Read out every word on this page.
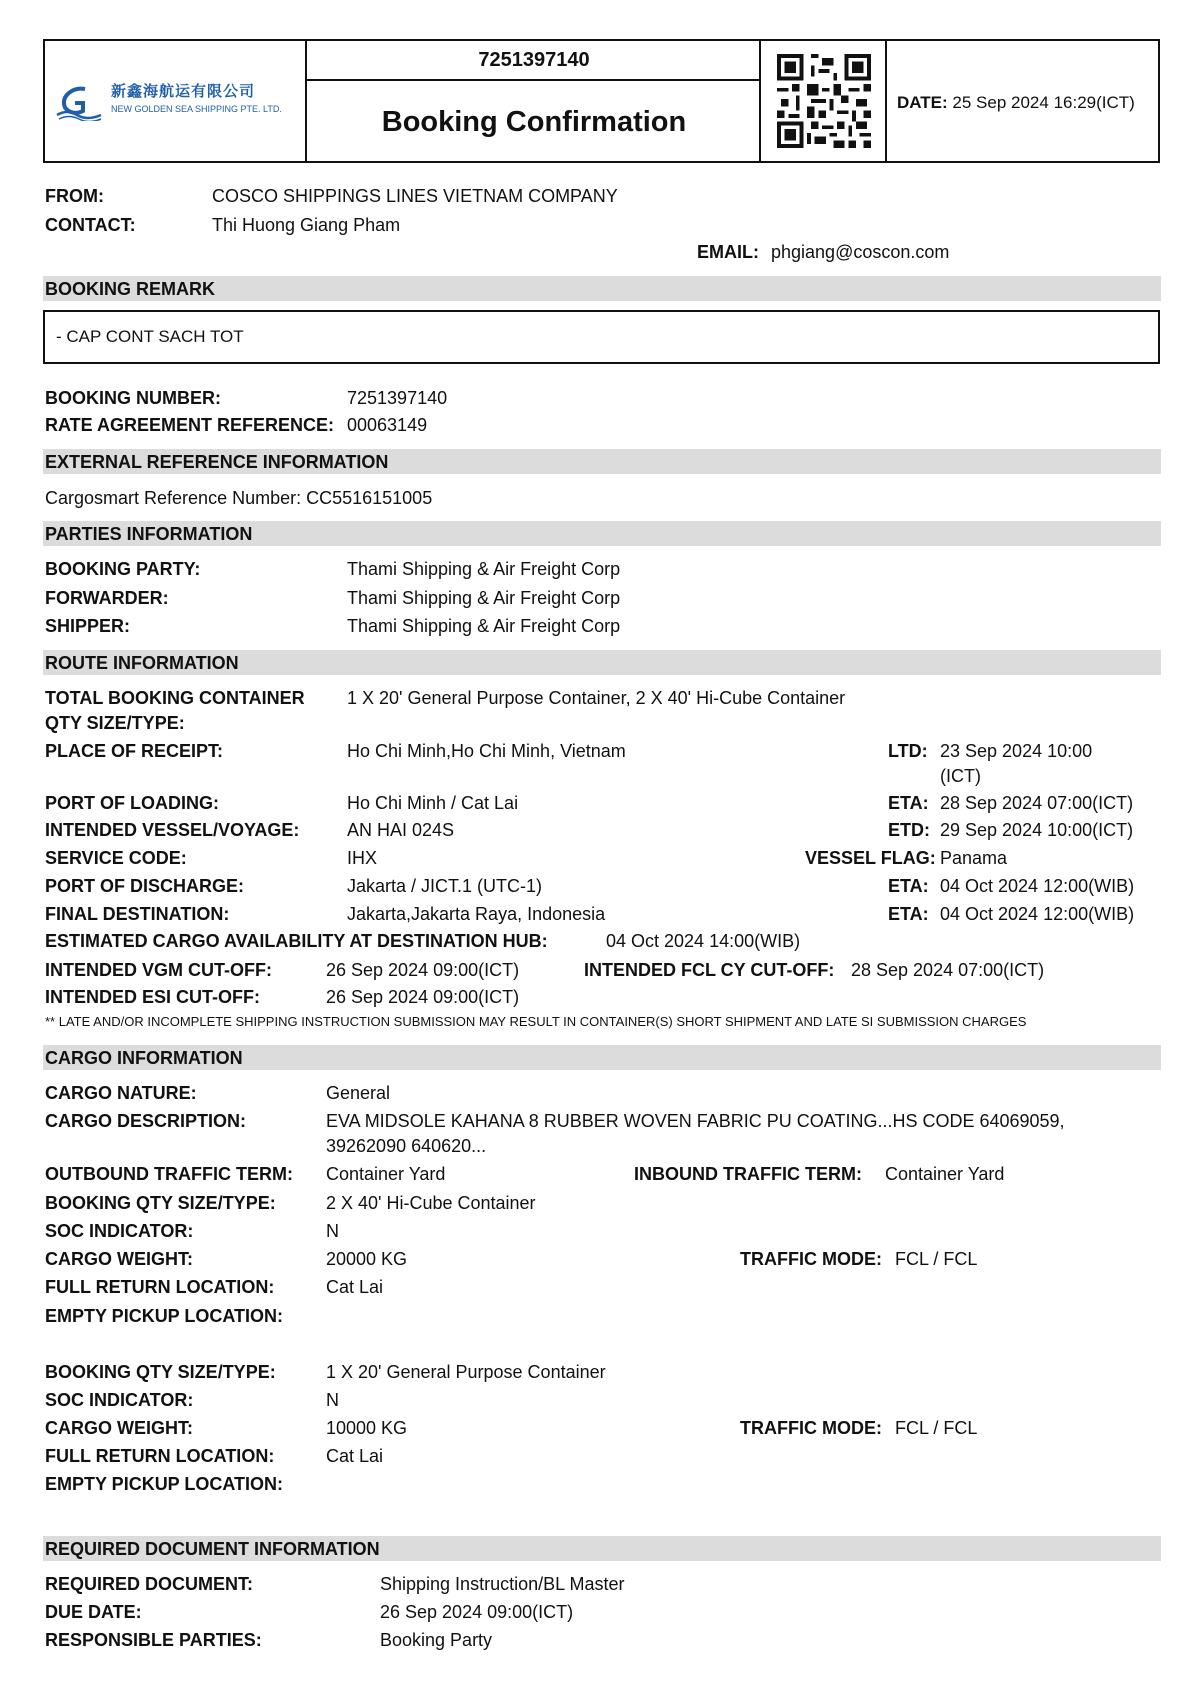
新鑫海航运有限公司
NEW GOLDEN SEA SHIPPING PTE. LTD.
7251397140
Booking Confirmation
DATE: 25 Sep 2024 16:29(ICT)
FROM:	COSCO SHIPPINGS LINES VIETNAM COMPANY
CONTACT:	Thi Huong Giang Pham
EMAIL: phgiang@coscon.com
BOOKING REMARK
- CAP CONT SACH TOT
BOOKING NUMBER:	7251397140
RATE AGREEMENT REFERENCE: 00063149
EXTERNAL REFERENCE INFORMATION
Cargosmart Reference Number: CC5516151005
PARTIES INFORMATION
BOOKING PARTY:	Thami Shipping & Air Freight Corp
FORWARDER:	Thami Shipping & Air Freight Corp
SHIPPER:	Thami Shipping & Air Freight Corp
ROUTE INFORMATION
TOTAL BOOKING CONTAINER
QTY SIZE/TYPE:
1 X 20' General Purpose Container, 2 X 40' Hi-Cube Container
PLACE OF RECEIPT:	Ho Chi Minh,Ho Chi Minh, Vietnam	LTD: 23 Sep 2024 10:00
(ICT)
PORT OF LOADING:	Ho Chi Minh / Cat Lai	ETA: 28 Sep 2024 07:00(ICT)
INTENDED VESSEL/VOYAGE:	AN HAI 024S	ETD: 29 Sep 2024 10:00(ICT)
SERVICE CODE:	IHX	VESSEL FLAG: Panama
PORT OF DISCHARGE:	Jakarta / JICT.1 (UTC-1)	ETA: 04 Oct 2024 12:00(WIB)
FINAL DESTINATION:	Jakarta,Jakarta Raya, Indonesia	ETA: 04 Oct 2024 12:00(WIB)
ESTIMATED CARGO AVAILABILITY AT DESTINATION HUB:	04 Oct 2024 14:00(WIB)
INTENDED VGM CUT-OFF:	26 Sep 2024 09:00(ICT)	INTENDED FCL CY CUT-OFF: 28 Sep 2024 07:00(ICT)
INTENDED ESI CUT-OFF:	26 Sep 2024 09:00(ICT)
** LATE AND/OR INCOMPLETE SHIPPING INSTRUCTION SUBMISSION MAY RESULT IN CONTAINER(S) SHORT SHIPMENT AND LATE SI SUBMISSION CHARGES
CARGO INFORMATION
CARGO NATURE:	General
CARGO DESCRIPTION:	EVA MIDSOLE KAHANA 8 RUBBER WOVEN FABRIC PU COATING...HS CODE 64069059,
39262090 640620...
OUTBOUND TRAFFIC TERM: Container Yard	INBOUND TRAFFIC TERM: Container Yard
BOOKING QTY SIZE/TYPE:	2 X 40' Hi-Cube Container
SOC INDICATOR:	N
CARGO WEIGHT:	20000 KG	TRAFFIC MODE: FCL / FCL
FULL RETURN LOCATION:	Cat Lai
EMPTY PICKUP LOCATION:
BOOKING QTY SIZE/TYPE:	1 X 20' General Purpose Container
SOC INDICATOR:	N
CARGO WEIGHT:	10000 KG	TRAFFIC MODE: FCL / FCL
FULL RETURN LOCATION:	Cat Lai
EMPTY PICKUP LOCATION:
REQUIRED DOCUMENT INFORMATION
REQUIRED DOCUMENT:	Shipping Instruction/BL Master
DUE DATE:	26 Sep 2024 09:00(ICT)
RESPONSIBLE PARTIES:	Booking Party
